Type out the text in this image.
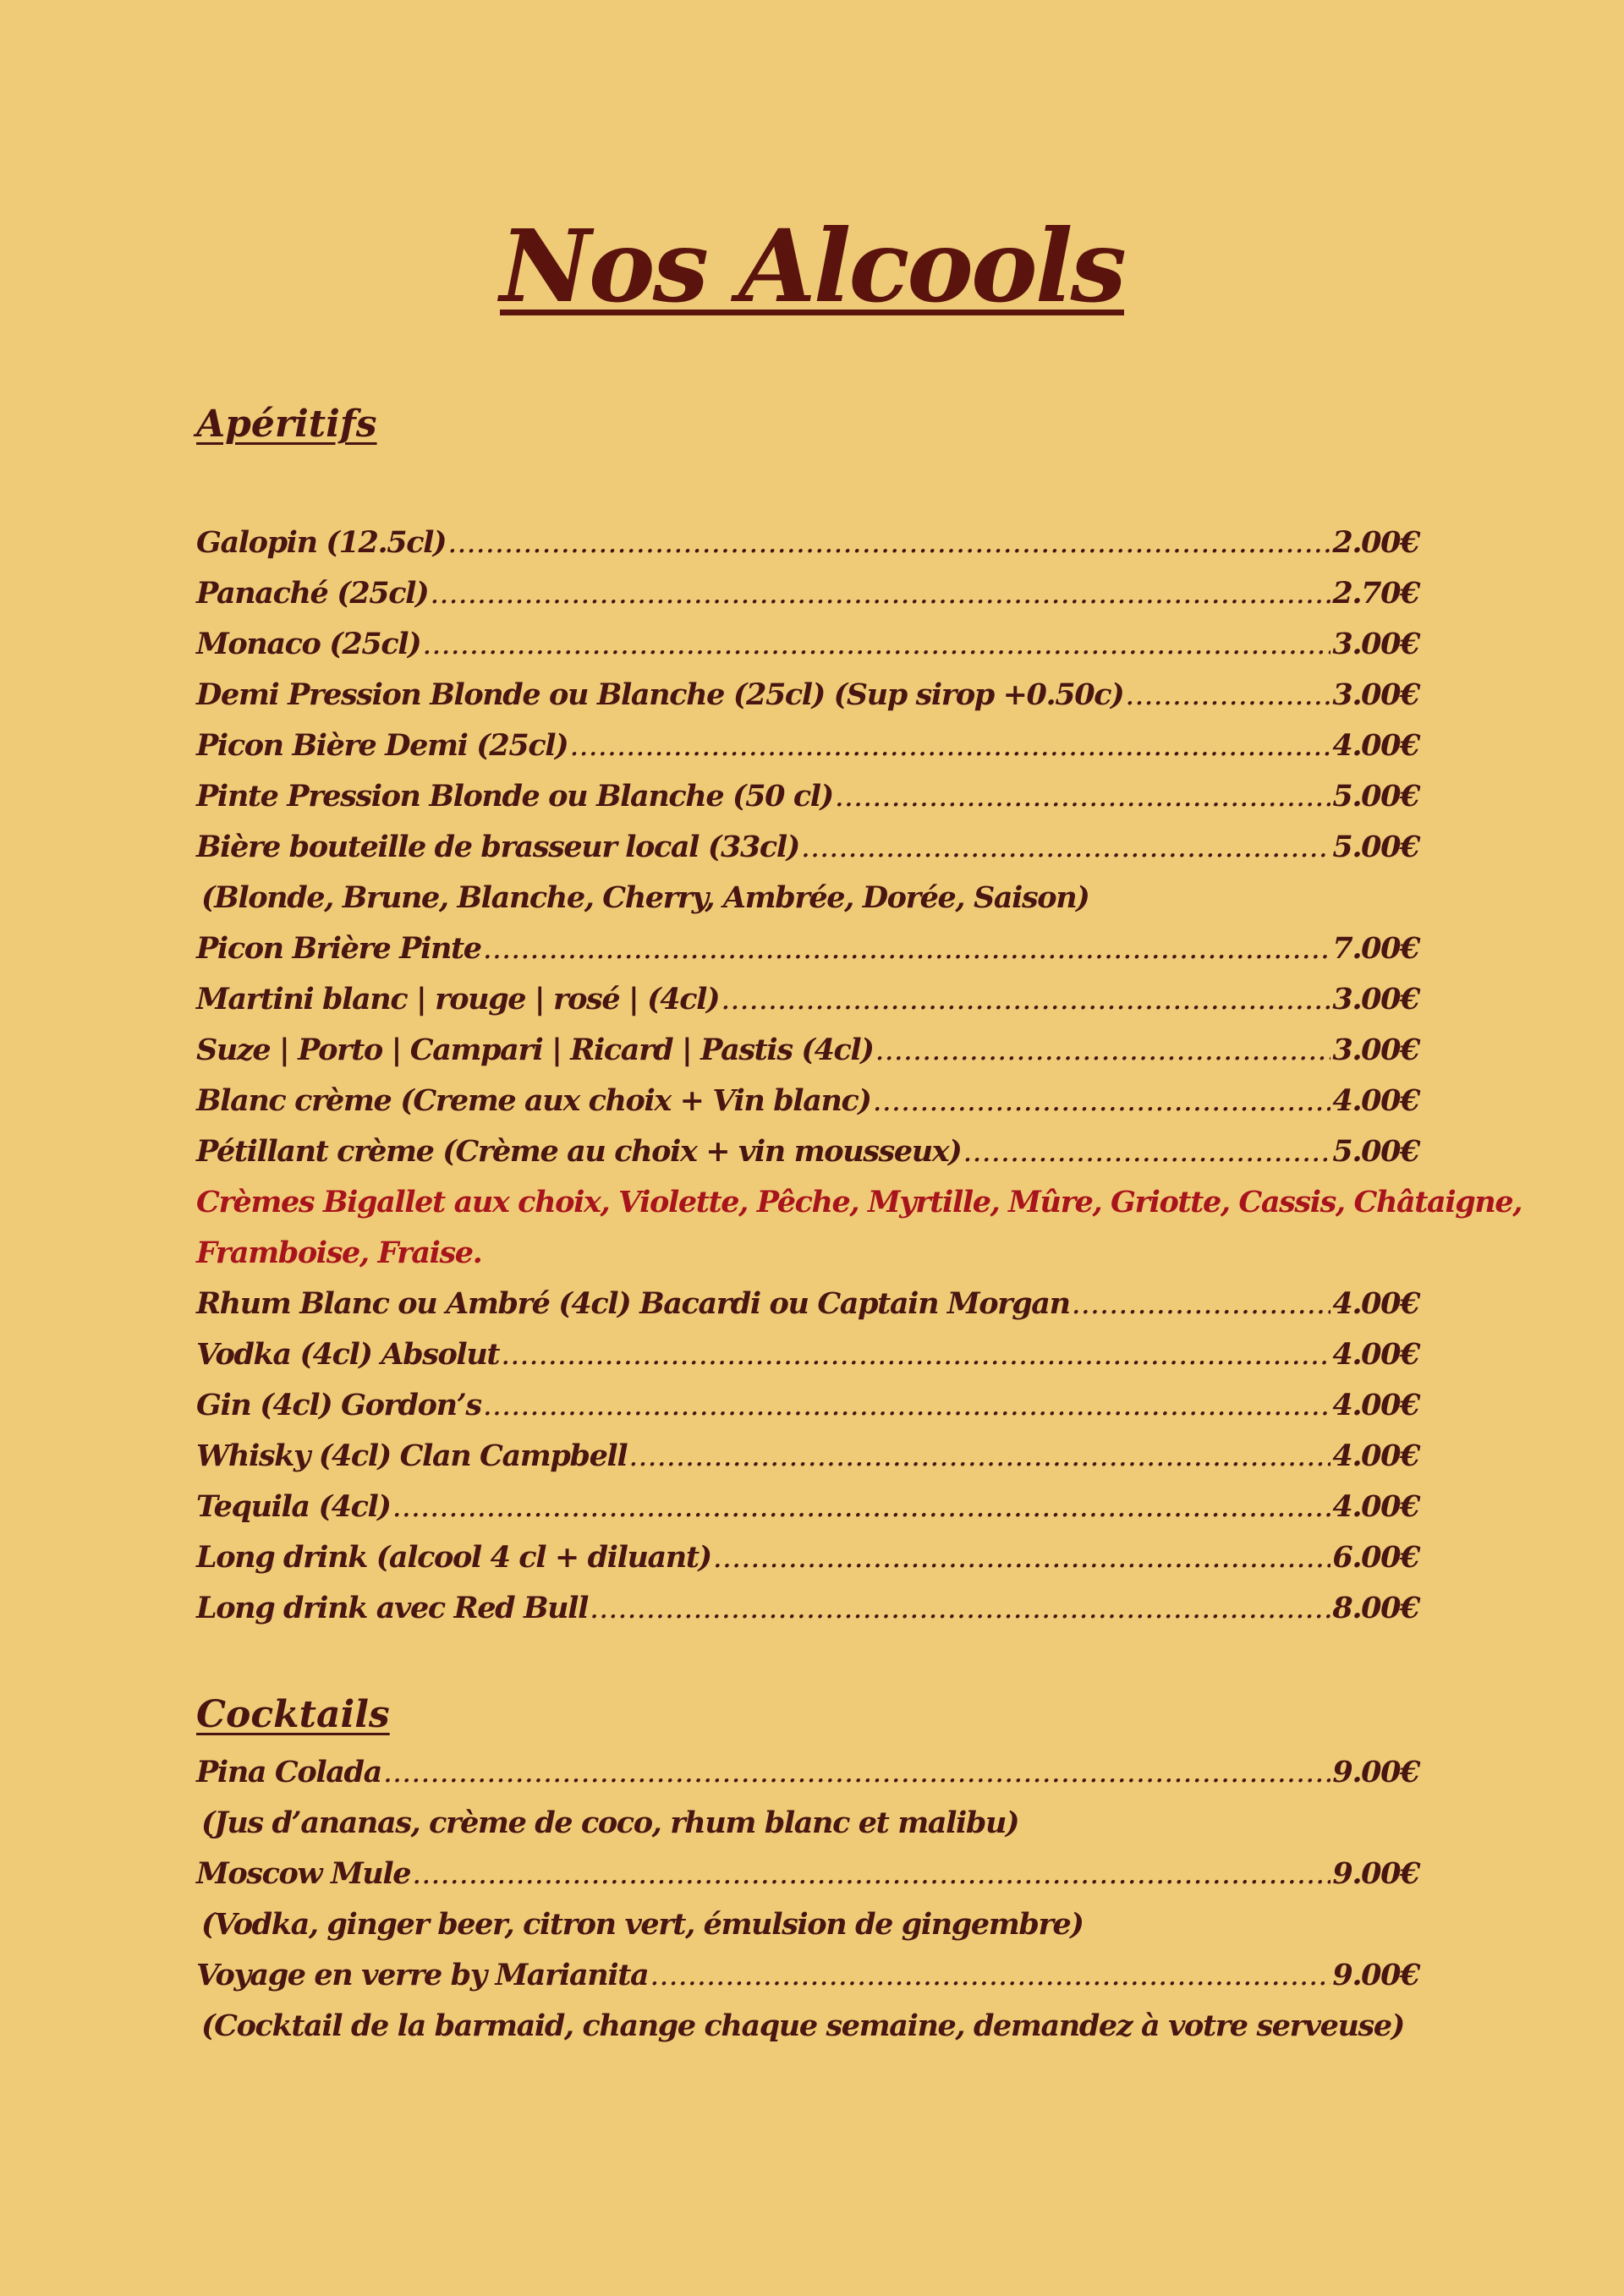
Nos Alcools
Apéritifs
Galopin (12.5cl) .....	2.00€
Panaché (25cl) .....	2.70€
Monaco (25cl) .....	3.00€
Demi Pression Blonde ou Blanche (25cl) (Sup sirop +0.50c) .....	3.00€
Picon Bière Demi (25cl) .....	4.00€
Pinte Pression Blonde ou Blanche (50 cl) .....	5.00€
Bière bouteille de brasseur local (33cl) .....	5.00€
(Blonde, Brune, Blanche, Cherry, Ambrée, Dorée, Saison)
Picon Brière Pinte .....	7.00€
Martini blanc | rouge | rosé | (4cl) .....	3.00€
Suze | Porto | Campari | Ricard | Pastis (4cl) .....	3.00€
Blanc crème (Creme aux choix + Vin blanc) .....	4.00€
Pétillant crème (Crème au choix + vin mousseux) .....	5.00€
Crèmes Bigallet aux choix, Violette, Pêche, Myrtille, Mûre, Griotte, Cassis, Châtaigne,
Framboise, Fraise.
Rhum Blanc ou Ambré (4cl) Bacardi ou Captain Morgan .....	4.00€
Vodka (4cl) Absolut .....	4.00€
Gin (4cl) Gordon’s .....	4.00€
Whisky (4cl) Clan Campbell .....	4.00€
Tequila (4cl) .....	4.00€
Long drink (alcool 4 cl + diluant) .....	6.00€
Long drink avec Red Bull .....	8.00€
Cocktails
Pina Colada .....	9.00€
(Jus d’ananas, crème de coco, rhum blanc et malibu)
Moscow Mule .....	9.00€
(Vodka, ginger beer, citron vert, émulsion de gingembre)
Voyage en verre by Marianita .....	9.00€
(Cocktail de la barmaid, change chaque semaine, demandez à votre serveuse)
